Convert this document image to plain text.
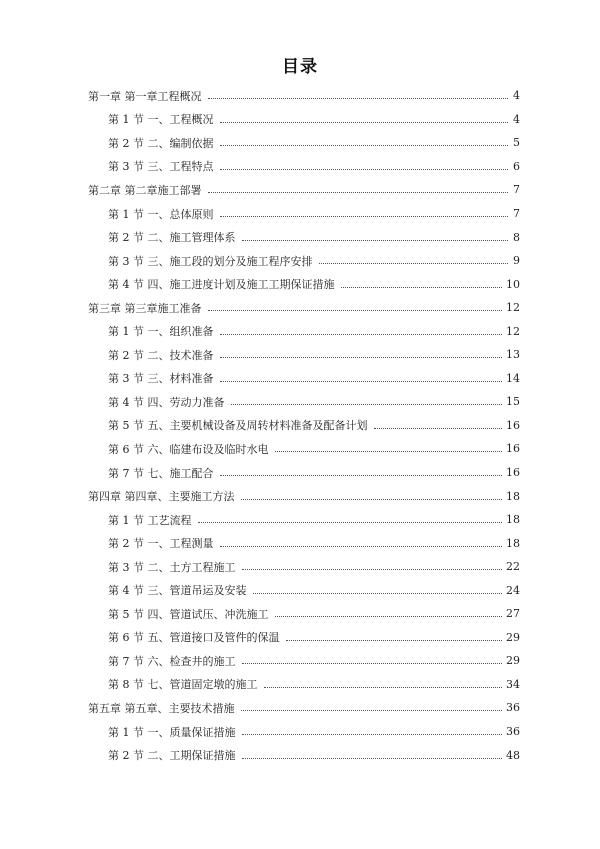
目录
第一章 第一章工程概况	4
第 1 节 一、工程概况	4
第 2 节 二、编制依据	5
第 3 节 三、工程特点	6
第二章 第二章施工部署	7
第 1 节 一、总体原则	7
第 2 节 二、施工管理体系	8
第 3 节 三、施工段的划分及施工程序安排	9
第 4 节 四、施工进度计划及施工工期保证措施	10
第三章 第三章施工准备	12
第 1 节 一、组织准备	12
第 2 节 二、技术准备	13
第 3 节 三、材料准备	14
第 4 节 四、劳动力准备	15
第 5 节 五、主要机械设备及周转材料准备及配备计划	16
第 6 节 六、临建布设及临时水电	16
第 7 节 七、施工配合	16
第四章 第四章、主要施工方法	18
第 1 节 工艺流程	18
第 2 节 一、工程测量	18
第 3 节 二、土方工程施工	22
第 4 节 三、管道吊运及安装	24
第 5 节 四、管道试压、冲洗施工	27
第 6 节 五、管道接口及管件的保温	29
第 7 节 六、检查井的施工	29
第 8 节 七、管道固定墩的施工	34
第五章 第五章、主要技术措施	36
第 1 节 一、质量保证措施	36
第 2 节 二、工期保证措施	48
